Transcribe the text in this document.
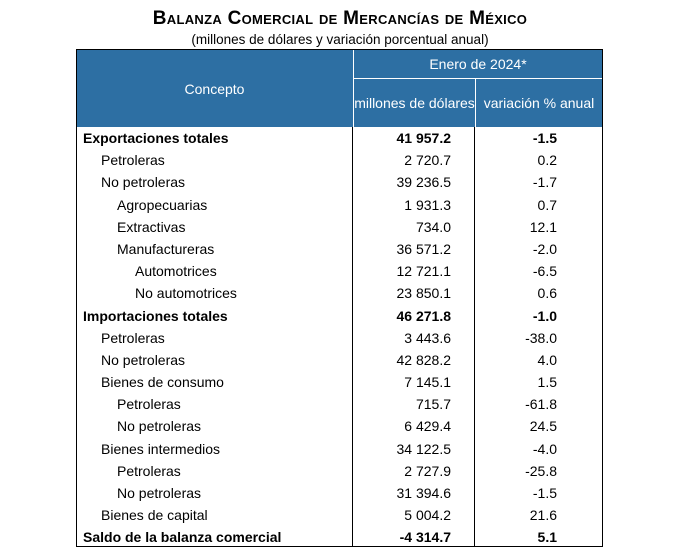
Balanza Comercial de Mercancías de México
(millones de dólares y variación porcentual anual)
Concepto
Enero de 2024*
millones de dólares variación % anual
Exportaciones totales	41 957.2	-1.5
Petroleras	2 720.7	0.2
No petroleras	39 236.5	-1.7
Agropecuarias	1 931.3	0.7
Extractivas	734.0	12.1
Manufactureras	36 571.2	-2.0
Automotrices	12 721.1	-6.5
No automotrices	23 850.1	0.6
Importaciones totales	46 271.8	-1.0
Petroleras	3 443.6	-38.0
No petroleras	42 828.2	4.0
Bienes de consumo	7 145.1	1.5
Petroleras	715.7	-61.8
No petroleras	6 429.4	24.5
Bienes intermedios	34 122.5	-4.0
Petroleras	2 727.9	-25.8
No petroleras	31 394.6	-1.5
Bienes de capital	5 004.2	21.6
Saldo de la balanza comercial	-4 314.7	5.1
